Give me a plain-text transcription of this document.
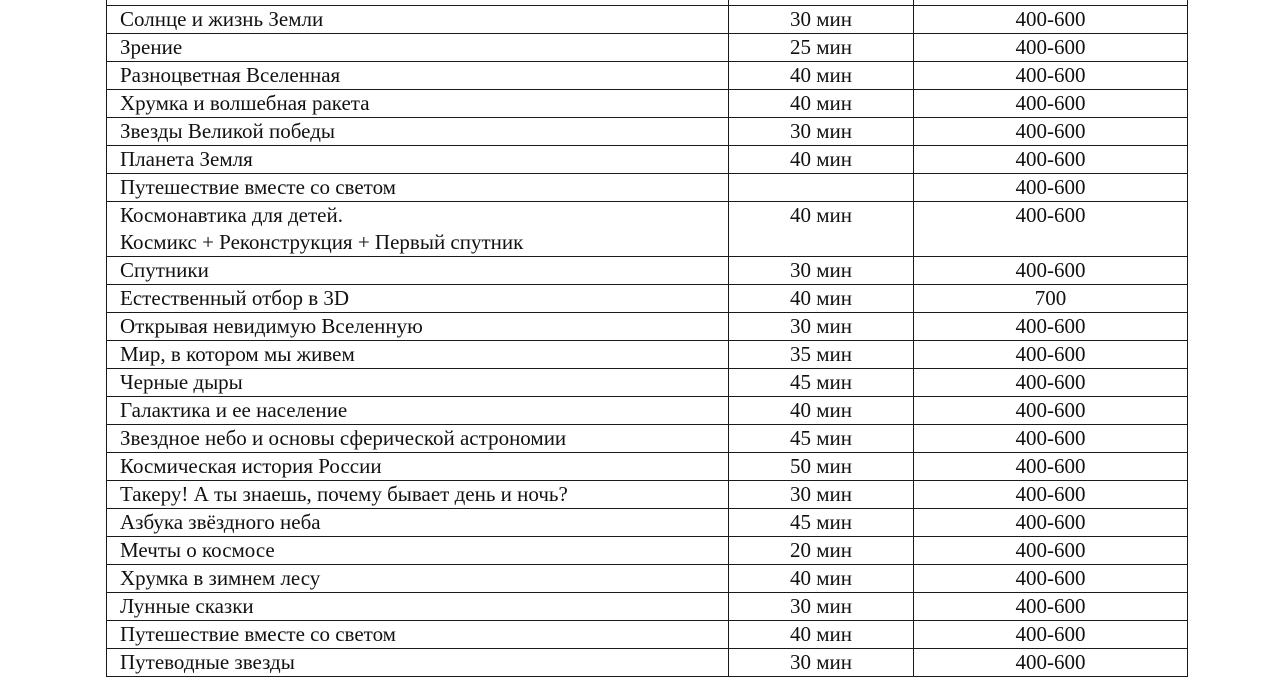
Солнце и жизнь Земли	30 мин	400-600
Зрение	25 мин	400-600
Разноцветная Вселенная	40 мин	400-600
Хрумка и волшебная ракета	40 мин	400-600
Звезды Великой победы	30 мин	400-600
Планета Земля	40 мин	400-600
Путешествие вместе со светом		400-600

Космонавтика для детей.
Космикс + Реконструкция + Первый спутник	40 мин	400-600
Спутники	30 мин	400-600
Естественный отбор в 3D	40 мин	700
Открывая невидимую Вселенную	30 мин	400-600
Мир, в котором мы живем	35 мин	400-600
Черные дыры	45 мин	400-600
Галактика и ее население	40 мин	400-600
Звездное небо и основы сферической астрономии	45 мин	400-600
Космическая история России	50 мин	400-600
Такеру! А ты знаешь, почему бывает день и ночь?	30 мин	400-600
Азбука звёздного неба	45 мин	400-600
Мечты о космосе	20 мин	400-600
Хрумка в зимнем лесу	40 мин	400-600
Лунные сказки	30 мин	400-600
Путешествие вместе со светом	40 мин	400-600
Путеводные звезды	30 мин	400-600
